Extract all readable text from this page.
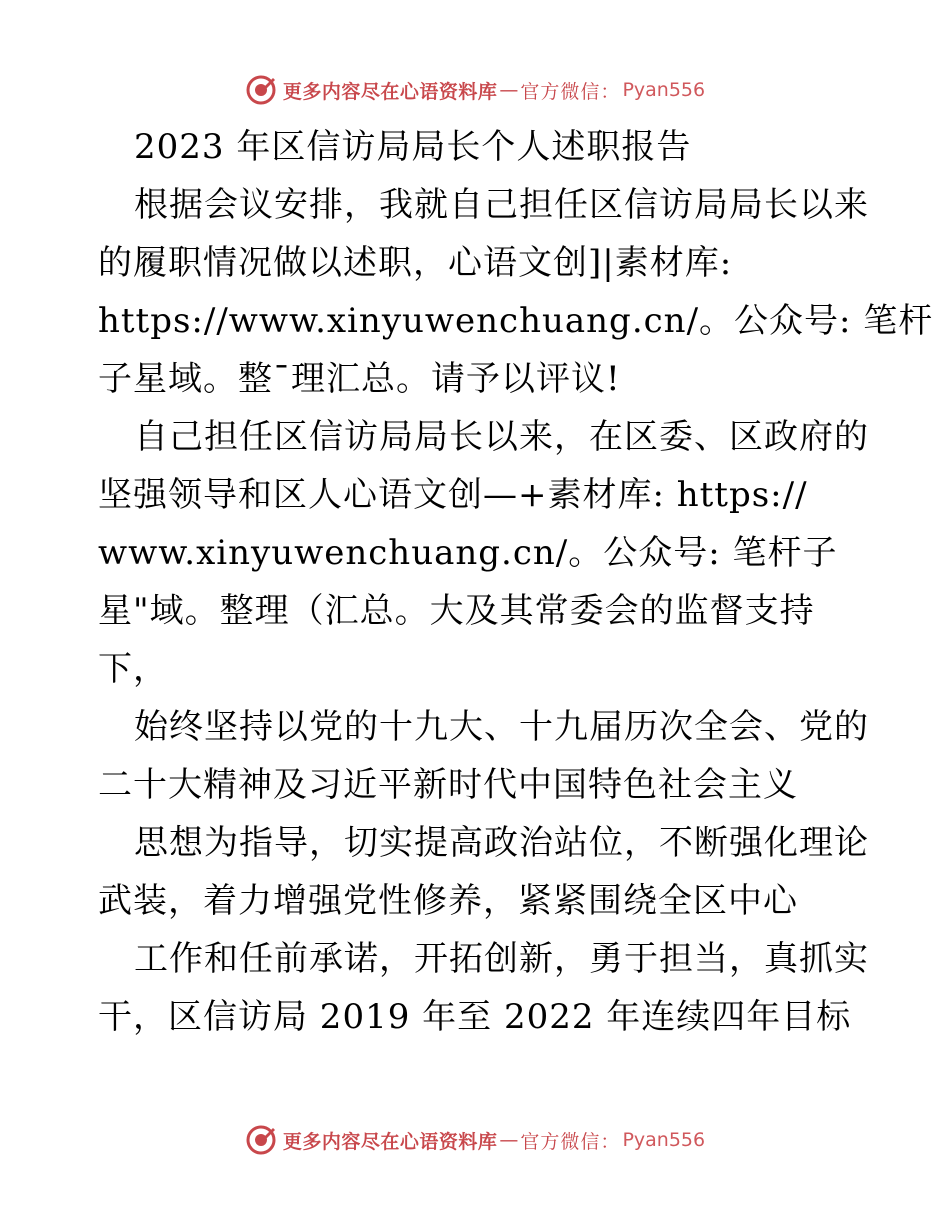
更多内容尽在心语资料库 — 官方微信： Pyan556
2023 年区信访局局长个人述职报告
根据会议安排，我就自己担任区信访局局长以来
的履职情况做以述职，心语文创]|素材库:
https://www.xinyuwenchuang.cn/。公众号: 笔杆
子星域。整¯理汇总。请予以评议!
自己担任区信访局局长以来，在区委、区政府的
坚强领导和区人心语文创—+素材库: https://
www.xinyuwenchuang.cn/。公众号: 笔杆子
星"域。整理（汇总。大及其常委会的监督支持
下，
始终坚持以党的十九大、十九届历次全会、党的
二十大精神及习近平新时代中国特色社会主义
思想为指导，切实提高政治站位，不断强化理论
武装，着力增强党性修养，紧紧围绕全区中心
工作和任前承诺，开拓创新，勇于担当，真抓实
干，区信访局 2019 年至 2022 年连续四年目标
更多内容尽在心语资料库 — 官方微信： Pyan556
